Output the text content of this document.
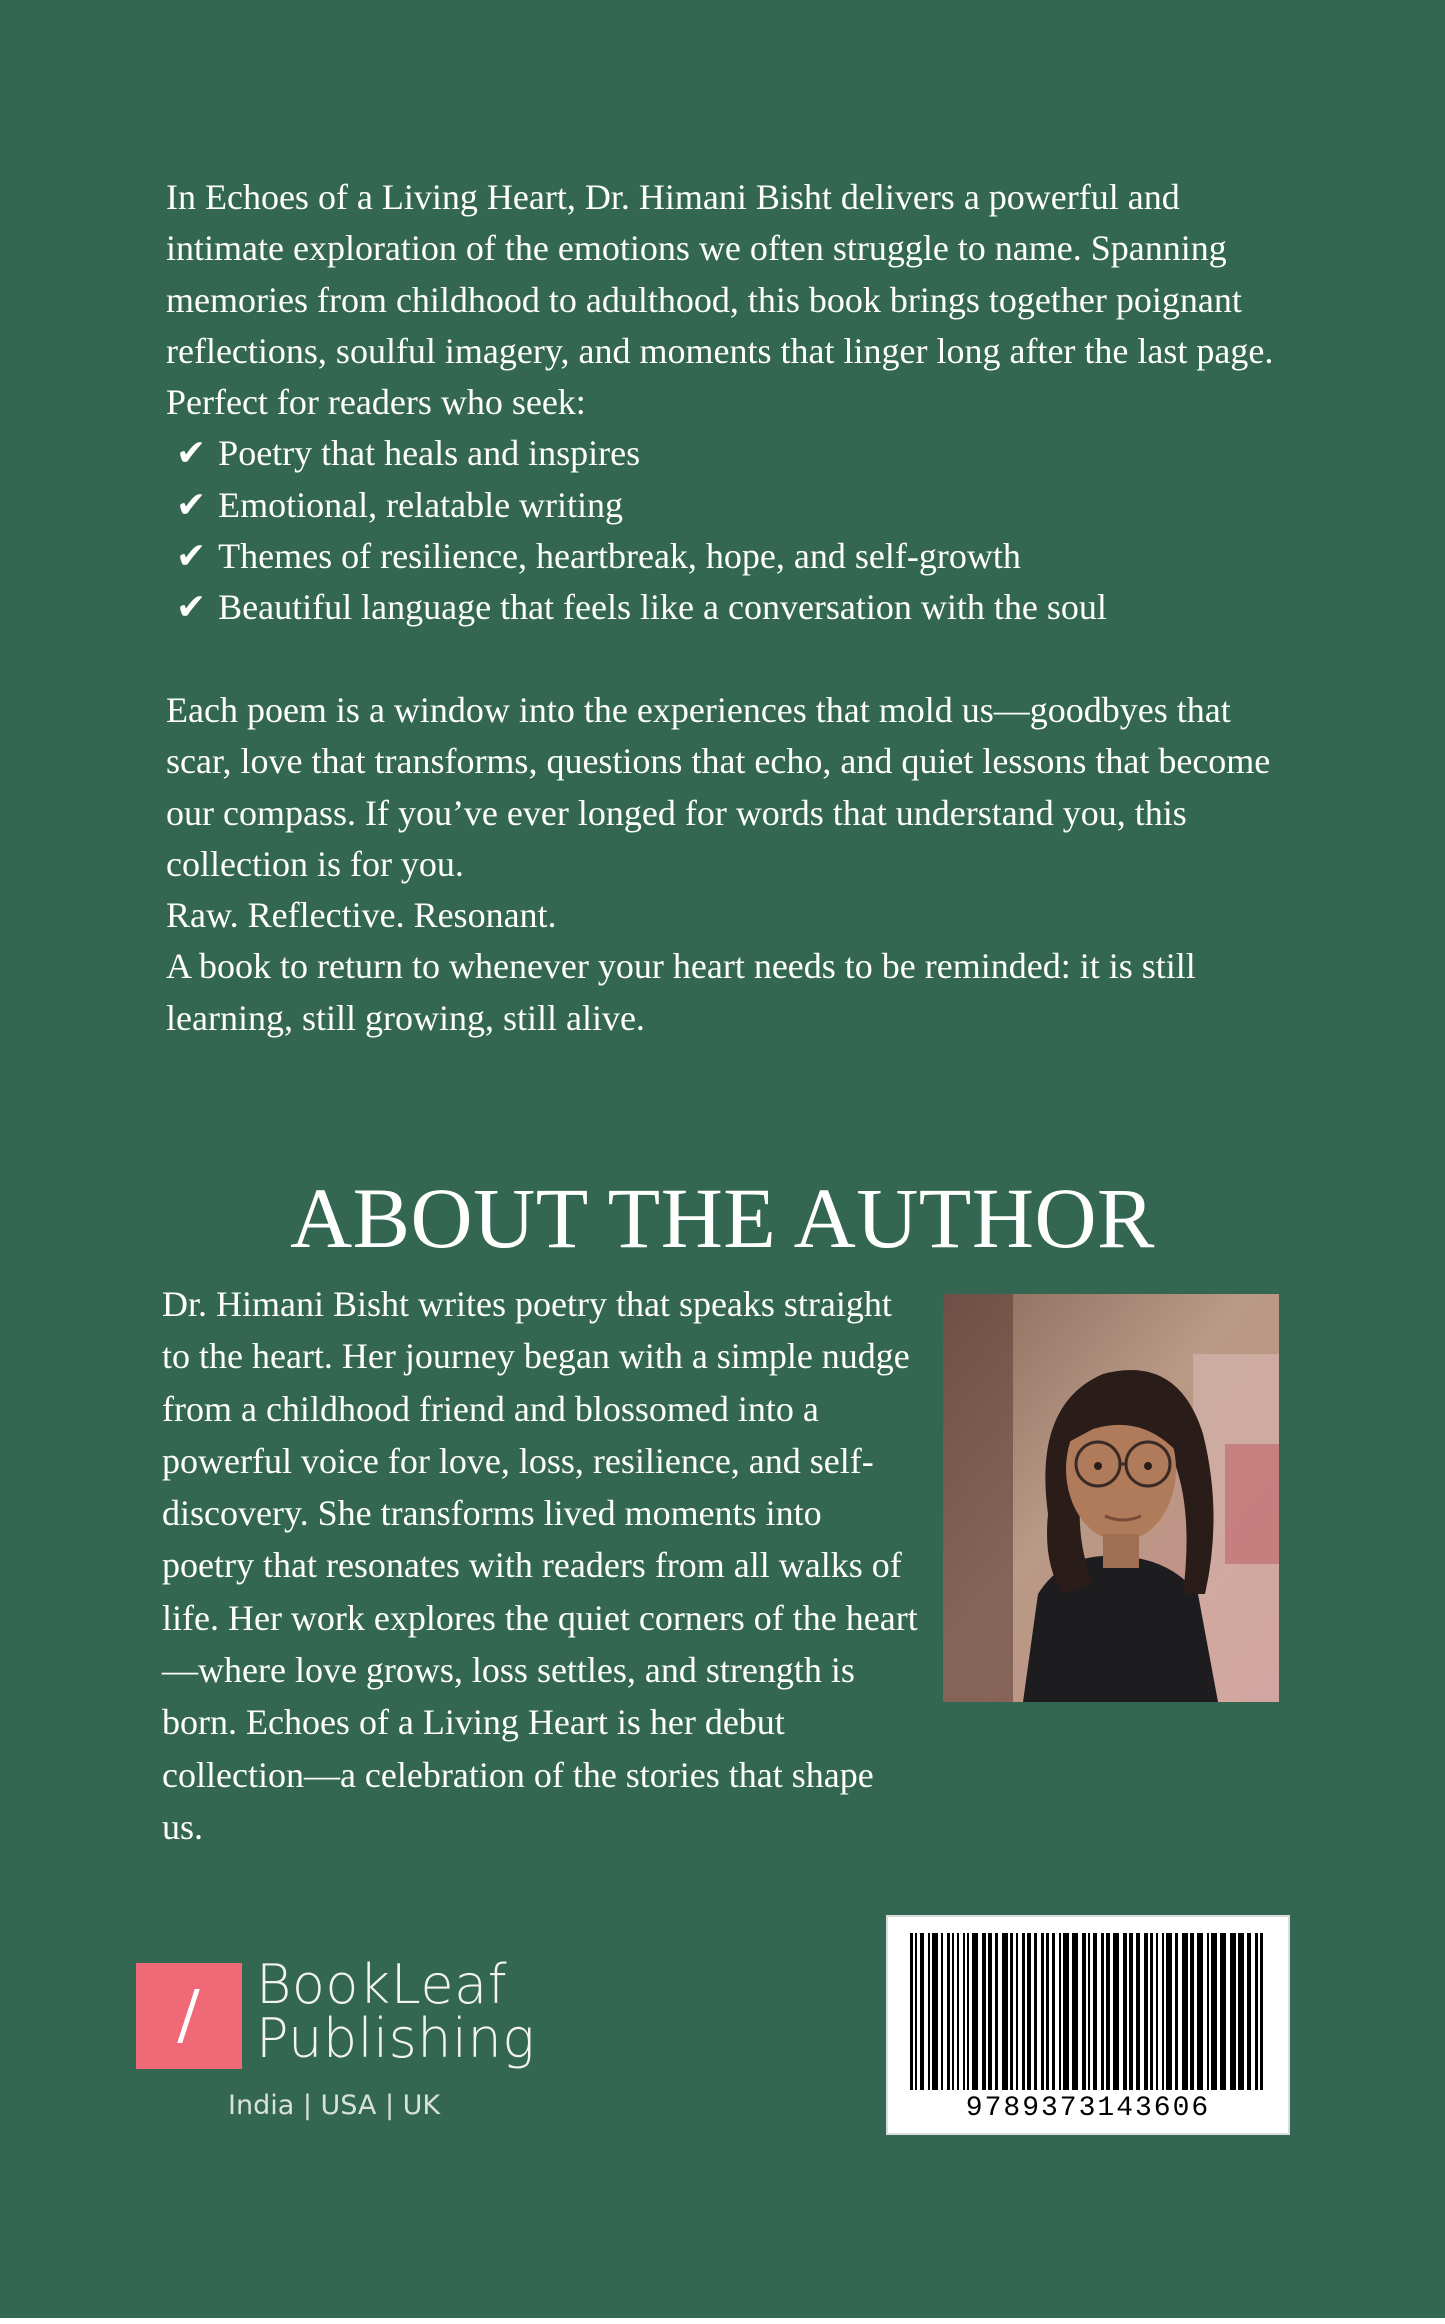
In Echoes of a Living Heart, Dr. Himani Bisht delivers a powerful and intimate exploration of the emotions we often struggle to name. Spanning memories from childhood to adulthood, this book brings together poignant reflections, soulful imagery, and moments that linger long after the last page.

Perfect for readers who seek:

✔ Poetry that heals and inspires
✔ Emotional, relatable writing
✔ Themes of resilience, heartbreak, hope, and self-growth
✔ Beautiful language that feels like a conversation with the soul

Each poem is a window into the experiences that mold us—goodbyes that scar, love that transforms, questions that echo, and quiet lessons that become our compass. If you’ve ever longed for words that understand you, this collection is for you.

Raw. Reflective. Resonant.

A book to return to whenever your heart needs to be reminded: it is still learning, still growing, still alive.

ABOUT THE AUTHOR

Dr. Himani Bisht writes poetry that speaks straight to the heart. Her journey began with a simple nudge from a childhood friend and blossomed into a powerful voice for love, loss, resilience, and self-discovery. She transforms lived moments into poetry that resonates with readers from all walks of life. Her work explores the quiet corners of the heart—where love grows, loss settles, and strength is born. Echoes of a Living Heart is her debut collection—a celebration of the stories that shape us.

BookLeaf
Publishing
India | USA | UK	9789373143606
